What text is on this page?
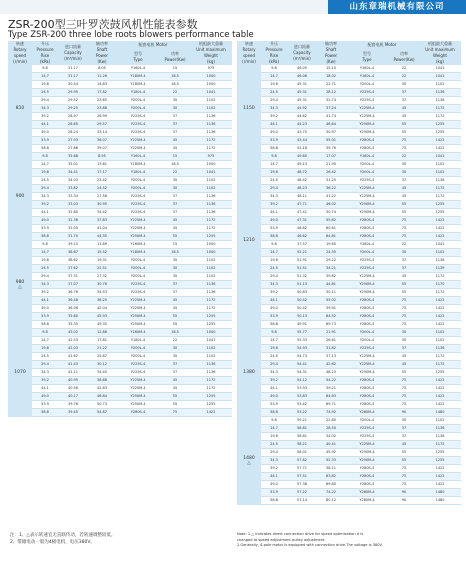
山东章瑞机械有限公司
ZSR-200型三叶罗茨鼓风机性能表参数
Type ZSR-200 three lobe roots blowers performance table
转速
Rotary
speed
(r/min)	升压
Pressure
Rise
(kPa)	进口流量
Capacity
(m³/min)	轴功率
Shaft
Power
(Kw)	配套电机 Motor		机组最大重量
Unit maximum
Weight
(kg)
				型号
Type	功率
Power(Kw)	
810	9.8	31.17	8.05	Y160L-4	15	975
	14.7	31.17	11.26	Y180M-4	18.5	1000
	19.6	30.54	14.83	Y180M-4	18.5	1000
	24.5	29.95	17.82	Y180L-4	22	1041
	29.4	29.52	23.65	Y200L-4	30	1102
	34.3	29.25	23.88	Y200L-4	30	1102
	39.2	28.97	26.99	Y225S-4	37	1136
	44.1	28.65	29.57	Y225S-4	37	1136
	49.0	28.24	33.14	Y225S-4	37	1136
	53.9	27.93	36.07	Y225M-4	45	1172
	58.8	27.86	39.07	Y225M-4	45	1172
900	9.8	35.68	8.95	Y160L-4	15	975
	14.7	35.01	13.61	Y180M-4	18.5	1000
	19.6	34.41	17.17	Y180L-4	22	1041
	24.5	34.03	23.42	Y200L-4	30	1102
	29.4	33.82	24.52	Y200L-4	30	1102
	34.3	33.34	27.58	Y225S-4	37	1136
	39.2	33.03	30.95	Y225S-4	37	1136
	44.1	32.80	34.42	Y225S-4	37	1136
	49.0	32.36	37.83	Y225M-4	45	1172
	53.9	32.05	41.04	Y225M-4	45	1172
	58.8	31.70	44.35	Y250M-4	55	1255
980
△	9.8	39.15	11.89	Y160M-4	15	1000
	14.7	38.67	15.52	Y180M-4	18.5	1000
	19.6	38.62	19.31	Y200L-4	30	1102
	24.5	37.62	22.51	Y200L-4	30	1102
	29.4	37.31	27.32	Y200L-4	30	1102
	34.3	37.07	30.76	Y225S-4	37	1136
	39.2	36.76	34.53	Y225S-4	37	1136
	44.1	36.48	38.25	Y225M-4	45	1172
	49.0	36.06	42.04	Y225M-4	45	1172
	53.9	35.60	45.93	Y250M-4	55	1255
	58.8	35.35	49.35	Y250M-4	55	1255
1070	9.8	43.02	12.86	Y160M-4	18.5	1000
	14.7	42.53	17.81	Y180L-4	22	1041
	19.6	42.03	21.22	Y200L-4	30	1102
	24.5	41.62	25.87	Y200L-4	30	1102
	29.4	41.43	30.12	Y225S-4	37	1136
	34.3	41.11	34.45	Y225S-4	37	1136
	39.2	40.95	38.68	Y225M-4	45	1172
	44.1	40.56	42.83	Y225M-4	45	1172
	49.0	40.17	46.84	Y250M-4	55	1255
	53.9	39.76	50.73	Y250M-4	55	1255
	58.8	39.45	54.87	Y280S-4	75	1422
转速
Rotary
speed
(r/min)	升压
Pressure
Rise
(kPa)	进口流量
Capacity
(m³/min)	轴功率
Shaft
Power
(Kw)	配套电机 Motor		机组最大重量
Unit maximum
Weight
(kg)
				型号
Type	功率
Power(Kw)	
1150	9.8	46.05	15.10	Y180L-4	22	1041
	14.7	46.06	18.02	Y180L-4	22	1041
	19.6	45.31	22.71	Y200L-4	30	1102
	24.5	45.31	28.12	Y225S-4	37	1136
	29.4	45.31	32.74	Y225S-4	37	1136
	34.3	44.92	37.24	Y225M-4	45	1172
	39.2	44.62	41.74	Y225M-4	45	1172
	44.1	44.23	46.64	Y250M-4	55	1255
	49.0	43.75	50.97	Y250M-4	55	1255
	53.9	43.44	55.01	Y280S-4	75	1422
	58.8	43.18	59.76	Y280S-4	75	1422
1210	9.8	49.60	17.07	Y180L-4	22	1041
	14.7	49.13	21.90	Y200L-4	30	1102
	19.6	48.72	26.42	Y200L-4	30	1102
	24.5	48.42	31.25	Y225S-4	37	1136
	29.4	48.23	36.22	Y225M-4	45	1172
	34.3	48.11	41.22	Y225M-4	45	1172
	39.2	47.71	46.02	Y250M-4	55	1255
	44.1	47.41	50.74	Y250M-4	55	1255
	49.0	47.31	55.62	Y280S-4	75	1422
	53.9	46.82	60.61	Y280S-4	75	1422
	58.8	46.62	64.81	Y280S-4	75	1422
	9.8	37.57	19.65	Y180L-4	22	1041
	14.7	52.21	24.35	Y200L-4	30	1102
	19.6	51.91	29.22	Y225S-4	37	1136
	24.5	51.51	34.21	Y225S-4	37	1139
	29.4	51.32	39.62	Y225M-4	45	1172
	34.3	51.13	44.81	Y250M-4	55	1170
	39.2	50.83	50.11	Y250M-4	55	1172
	44.1	50.52	55.02	Y280S-4	75	1422
	49.0	50.42	59.91	Y280S-4	75	1422
	53.9	50.13	64.52	Y280S-4	75	1422
	58.8	49.91	69.73	Y280S-4	75	1422
1380	9.8	55.77	21.91	Y200L-4	30	1102
	14.7	55.33	26.61	Y200L-4	30	1102
	19.6	54.93	31.82	Y225S-4	37	1136
	24.5	54.73	37.13	Y225M-4	45	1172
	29.4	54.41	42.62	Y225M-4	45	1172
	34.3	54.31	48.23	Y250M-4	55	1255
	39.2	54.12	54.22	Y280S-4	75	1422
	44.1	53.93	59.21	Y280S-4	75	1422
	49.0	53.83	64.63	Y280S-4	75	1422
	53.9	53.42	69.71	Y280S-4	75	1422
	58.8	53.22	74.92	Y280M-4	90	1480
1480
△	9.8	59.21	22.80	Y200L-4	30	1102
	14.7	58.81	28.50	Y225S-4	37	1136
	19.6	58.61	34.02	Y225S-4	37	1136
	24.5	58.21	40.41	Y225M-4	45	1172
	29.4	58.01	45.92	Y250M-4	55	1255
	34.3	57.82	52.33	Y250M-4	55	1255
	39.2	57.71	58.11	Y280S-4	75	1422
	44.1	57.51	63.82	Y280S-4	75	1422
	49.0	57.38	69.80	Y280S-4	75	1422
	53.9	57.22	74.22	Y280M-4	90	1480
	58.8	57.14	80.12	Y280M-4	90	1480
注：1、△表示转速宜无直联传动，若转速调整较低。
2、带储电动一般为4极电机，电压380V。
Note: 1.△ indicates direct connection drive for speed optimization it is
changed to speed adjustment pulley adjustment.
2.Generally, 4-pole motor is equipped with connection drive.The voltage is 380V.
